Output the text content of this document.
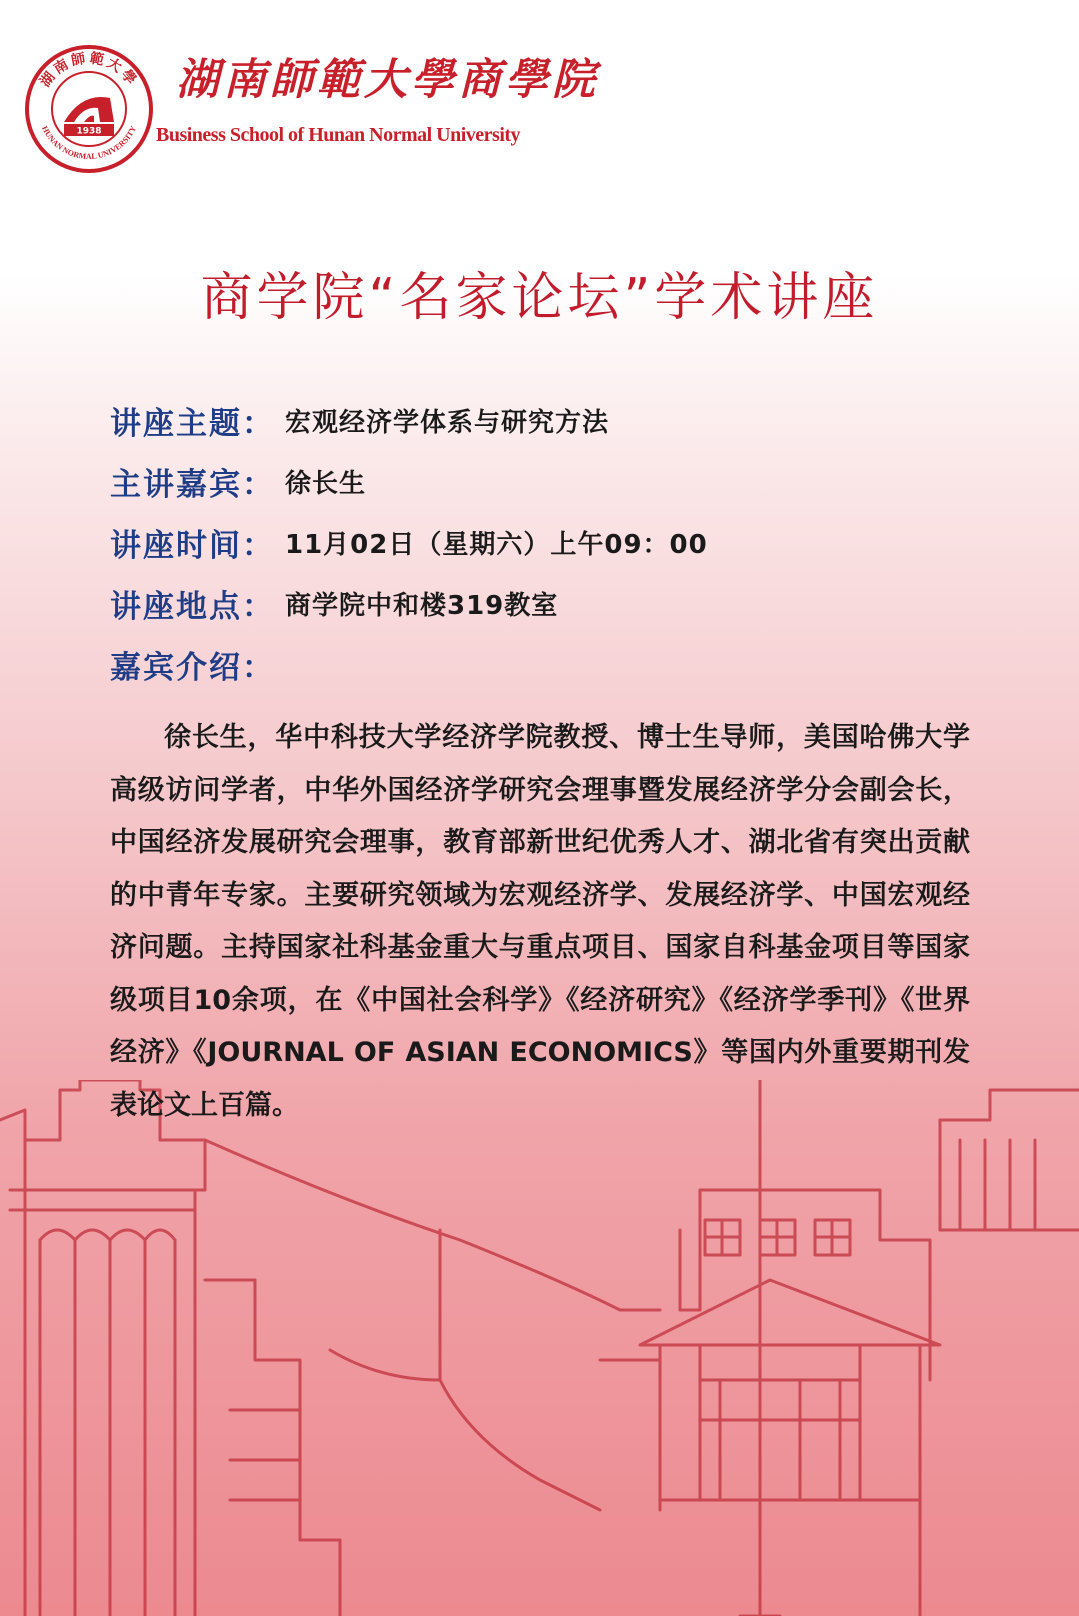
湖南師範大學
HUNAN NORMAL UNIVERSITY
1938
湖南師範大學商學院

Business School of Hunan Normal University

商学院“名家论坛”学术讲座
讲座主题： 宏观经济学体系与研究方法
主讲嘉宾： 徐长生
讲座时间： 11月02日（星期六）上午09：00
讲座地点： 商学院中和楼319教室
嘉宾介绍：

徐长生，华中科技大学经济学院教授、博士生导师，美国哈佛大学高级访问学者，中华外国经济学研究会理事暨发展经济学分会副会长，中国经济发展研究会理事，教育部新世纪优秀人才、湖北省有突出贡献的中青年专家。主要研究领域为宏观经济学、发展经济学、中国宏观经济问题。主持国家社科基金重大与重点项目、国家自科基金项目等国家级项目10余项，在《中国社会科学》《经济研究》《经济学季刊》《世界经济》《JOURNAL OF ASIAN ECONOMICS》等国内外重要期刊发表论文上百篇。
